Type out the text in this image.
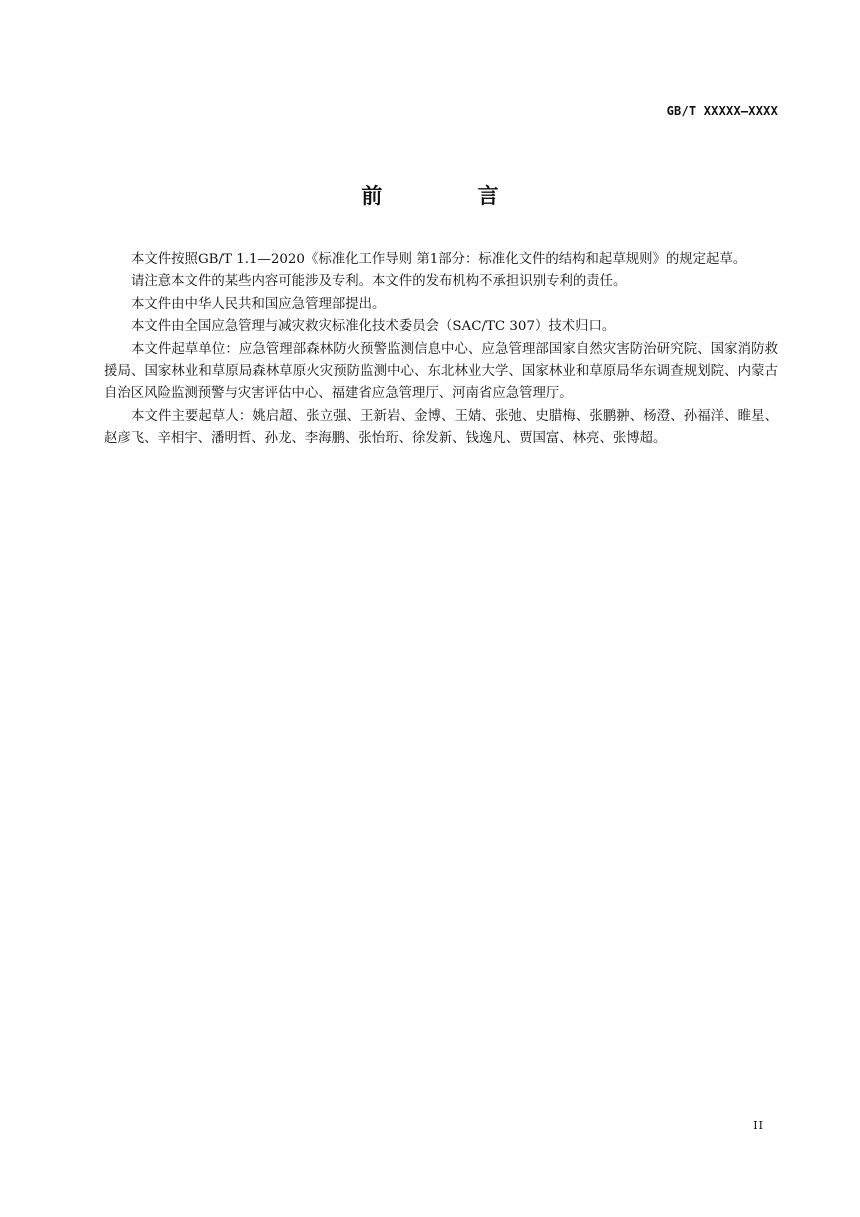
GB/T XXXXX—XXXX
前 言

本文件按照GB/T 1.1—2020《标准化工作导则 第1部分：标准化文件的结构和起草规则》的规定起草。

请注意本文件的某些内容可能涉及专利。本文件的发布机构不承担识别专利的责任。

本文件由中华人民共和国应急管理部提出。

本文件由全国应急管理与减灾救灾标准化技术委员会（SAC/TC 307）技术归口。

本文件起草单位：应急管理部森林防火预警监测信息中心、应急管理部国家自然灾害防治研究院、国家消防救援局、国家林业和草原局森林草原火灾预防监测中心、东北林业大学、国家林业和草原局华东调查规划院、内蒙古自治区风险监测预警与灾害评估中心、福建省应急管理厅、河南省应急管理厅。

本文件主要起草人：姚启超、张立强、王新岩、金博、王婧、张弛、史腊梅、张鹏翀、杨澄、孙福洋、睢星、赵彦飞、辛相宇、潘明哲、孙龙、李海鹏、张怡珩、徐发新、钱逸凡、贾国富、林亮、张博超。

II
